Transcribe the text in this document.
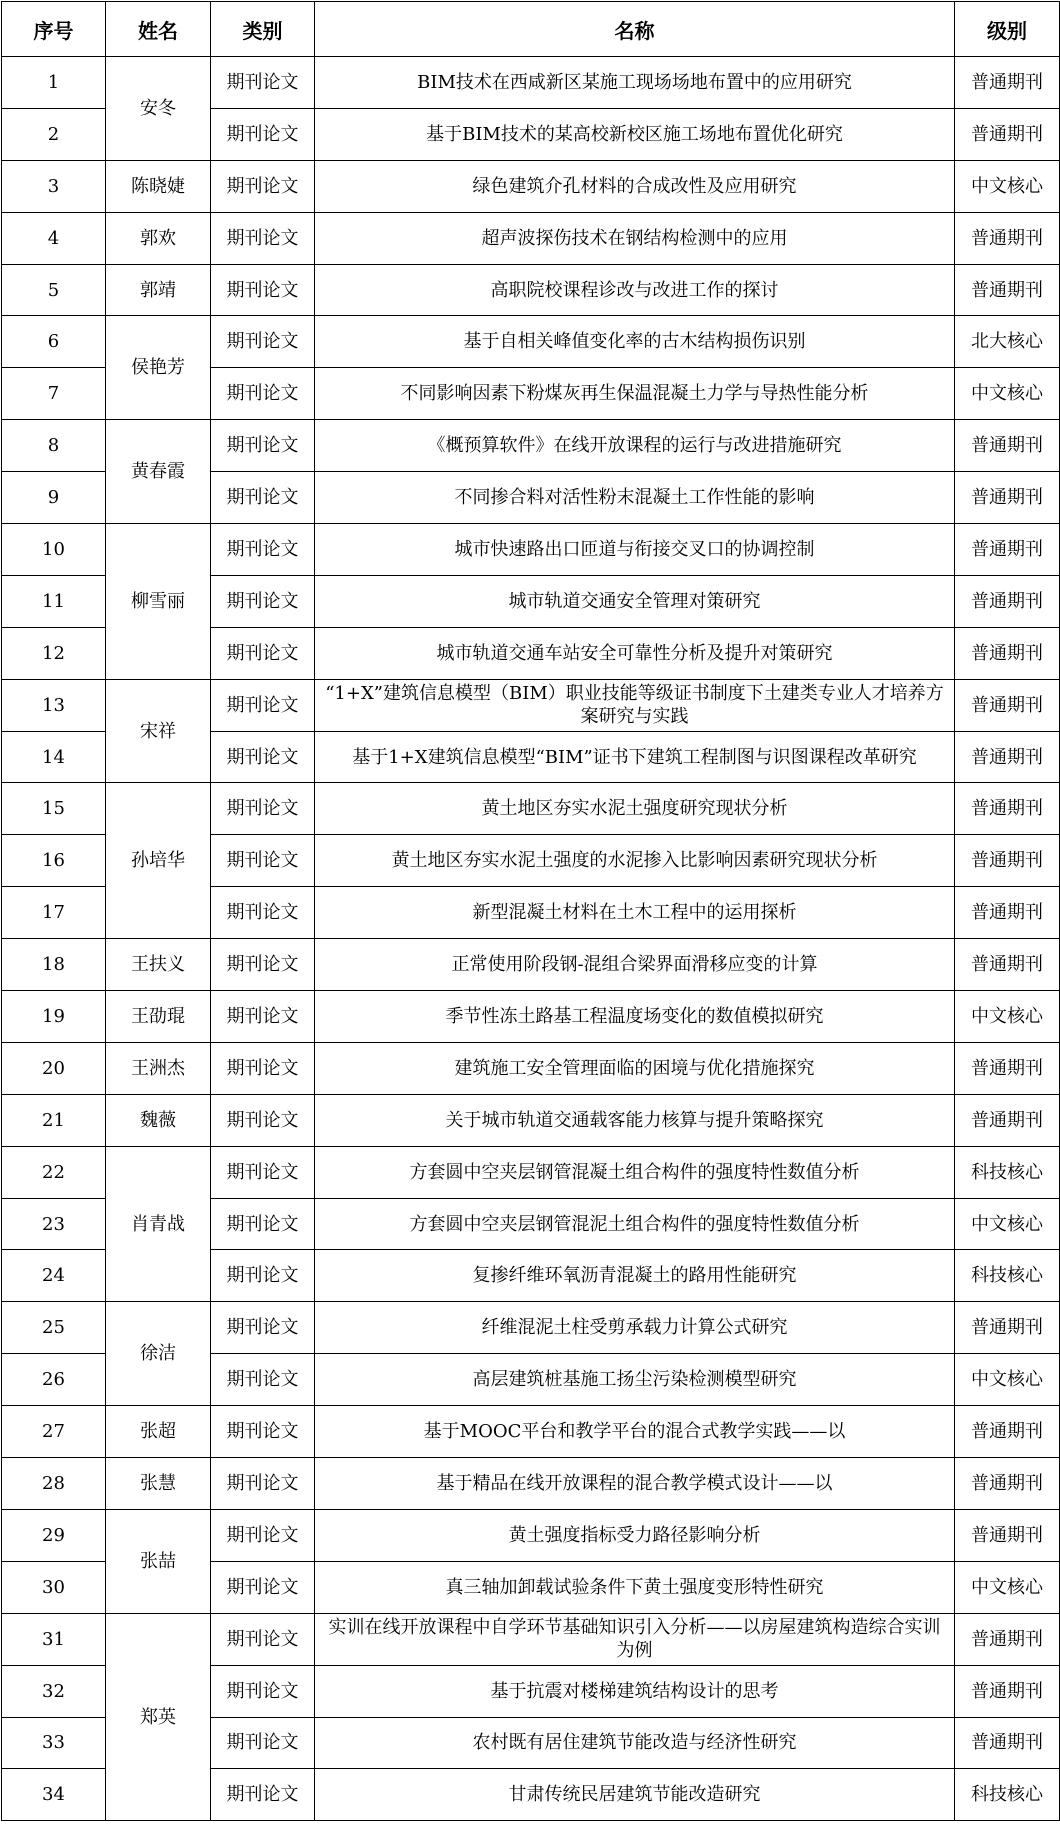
序号	姓名	类别	名称	级别
1	安冬	期刊论文	BIM技术在西咸新区某施工现场场地布置中的应用研究	普通期刊
2		期刊论文	基于BIM技术的某高校新校区施工场地布置优化研究	普通期刊
3	陈晓婕	期刊论文	绿色建筑介孔材料的合成改性及应用研究	中文核心
4	郭欢	期刊论文	超声波探伤技术在钢结构检测中的应用	普通期刊
5	郭靖	期刊论文	高职院校课程诊改与改进工作的探讨	普通期刊
6	侯艳芳	期刊论文	基于自相关峰值变化率的古木结构损伤识别	北大核心
7		期刊论文	不同影响因素下粉煤灰再生保温混凝土力学与导热性能分析	中文核心
8	黄春霞	期刊论文	《概预算软件》在线开放课程的运行与改进措施研究	普通期刊
9		期刊论文	不同掺合料对活性粉末混凝土工作性能的影响	普通期刊
10	柳雪丽	期刊论文	城市快速路出口匝道与衔接交叉口的协调控制	普通期刊
11		期刊论文	城市轨道交通安全管理对策研究	普通期刊
12		期刊论文	城市轨道交通车站安全可靠性分析及提升对策研究	普通期刊
13	宋祥	期刊论文	“1+X”建筑信息模型（BIM）职业技能等级证书制度下土建类专业人才培养方案研究与实践	普通期刊
14		期刊论文	基于1+X建筑信息模型“BIM”证书下建筑工程制图与识图课程改革研究	普通期刊
15	孙培华	期刊论文	黄土地区夯实水泥土强度研究现状分析	普通期刊
16		期刊论文	黄土地区夯实水泥土强度的水泥掺入比影响因素研究现状分析	普通期刊
17		期刊论文	新型混凝土材料在土木工程中的运用探析	普通期刊
18	王扶义	期刊论文	正常使用阶段钢-混组合梁界面滑移应变的计算	普通期刊
19	王劭琨	期刊论文	季节性冻土路基工程温度场变化的数值模拟研究	中文核心
20	王洲杰	期刊论文	建筑施工安全管理面临的困境与优化措施探究	普通期刊
21	魏薇	期刊论文	关于城市轨道交通载客能力核算与提升策略探究	普通期刊
22	肖青战	期刊论文	方套圆中空夹层钢管混凝土组合构件的强度特性数值分析	科技核心
23		期刊论文	方套圆中空夹层钢管混泥土组合构件的强度特性数值分析	中文核心
24		期刊论文	复掺纤维环氧沥青混凝土的路用性能研究	科技核心
25	徐洁	期刊论文	纤维混泥土柱受剪承载力计算公式研究	普通期刊
26		期刊论文	高层建筑桩基施工扬尘污染检测模型研究	中文核心
27	张超	期刊论文	基于MOOC平台和教学平台的混合式教学实践——以	普通期刊
28	张慧	期刊论文	基于精品在线开放课程的混合教学模式设计——以	普通期刊
29	张喆	期刊论文	黄土强度指标受力路径影响分析	普通期刊
30		期刊论文	真三轴加卸载试验条件下黄土强度变形特性研究	中文核心
31	郑英	期刊论文	实训在线开放课程中自学环节基础知识引入分析——以房屋建筑构造综合实训为例	普通期刊
32		期刊论文	基于抗震对楼梯建筑结构设计的思考	普通期刊
33		期刊论文	农村既有居住建筑节能改造与经济性研究	普通期刊
34		期刊论文	甘肃传统民居建筑节能改造研究	科技核心
